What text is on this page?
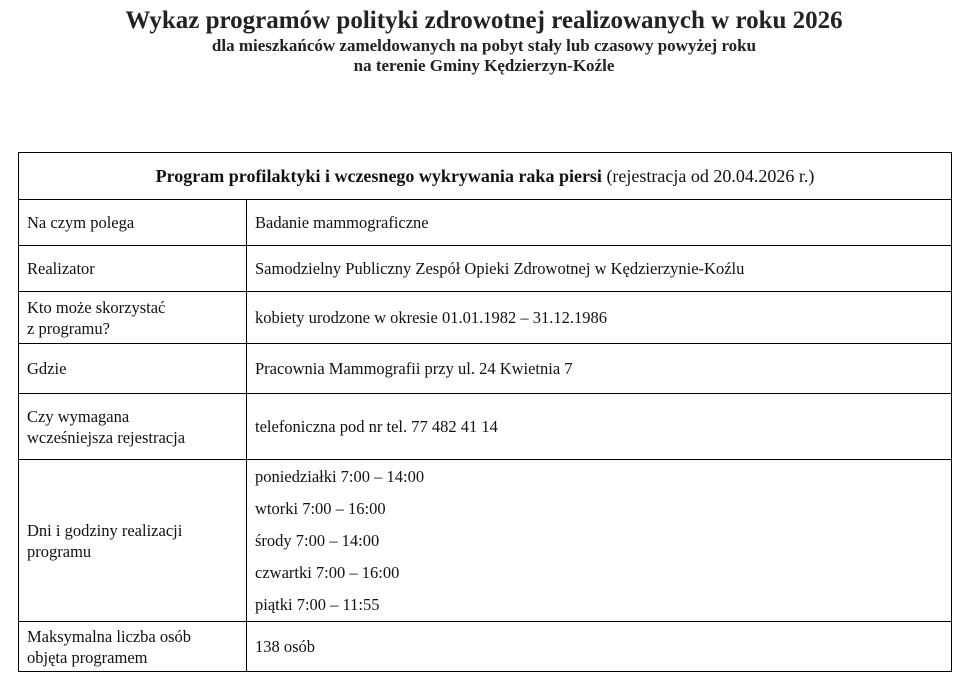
Wykaz programów polityki zdrowotnej realizowanych w roku 2026
dla mieszkańców zameldowanych na pobyt stały lub czasowy powyżej roku
na terenie Gminy Kędzierzyn-Koźle
Program profilaktyki i wczesnego wykrywania raka piersi (rejestracja od 20.04.2026 r.)	
Na czym polega	Badanie mammograficzne
Realizator	Samodzielny Publiczny Zespół Opieki Zdrowotnej w Kędzierzynie-Koźlu
Kto może skorzystać
z programu?	kobiety urodzone w okresie 01.01.1982 – 31.12.1986
Gdzie	Pracownia Mammografii przy ul. 24 Kwietnia 7
Czy wymagana
wcześniejsza rejestracja	telefoniczna pod nr tel. 77 482 41 14
Dni i godziny realizacji
programu	poniedziałki 7:00 – 14:00
wtorki 7:00 – 16:00
środy 7:00 – 14:00
czwartki 7:00 – 16:00
piątki 7:00 – 11:55

Maksymalna liczba osób
objęta programem	138 osób
